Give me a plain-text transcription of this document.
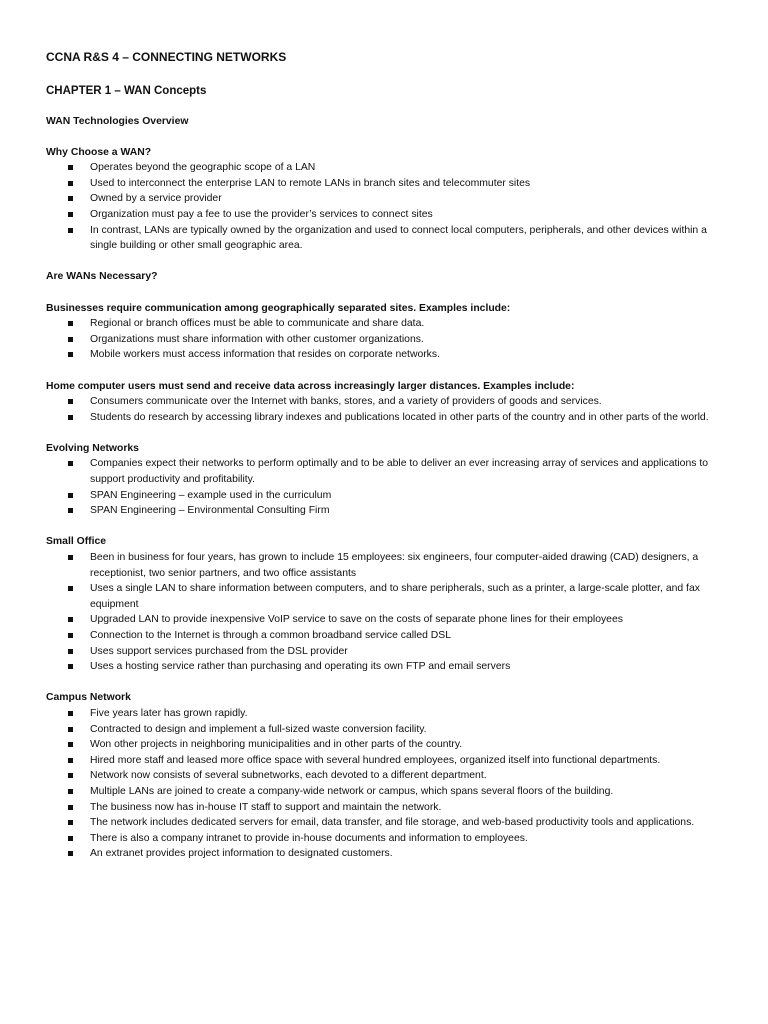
CCNA R&S 4 – CONNECTING NETWORKS
CHAPTER 1 – WAN Concepts
WAN Technologies Overview
Why Choose a WAN?
Operates beyond the geographic scope of a LAN
Used to interconnect the enterprise LAN to remote LANs in branch sites and telecommuter sites
Owned by a service provider
Organization must pay a fee to use the provider’s services to connect sites
In contrast, LANs are typically owned by the organization and used to connect local computers, peripherals, and other devices within a single building or other small geographic area.
Are WANs Necessary?
Businesses require communication among geographically separated sites. Examples include:
Regional or branch offices must be able to communicate and share data.
Organizations must share information with other customer organizations.
Mobile workers must access information that resides on corporate networks.
Home computer users must send and receive data across increasingly larger distances. Examples include:
Consumers communicate over the Internet with banks, stores, and a variety of providers of goods and services.
Students do research by accessing library indexes and publications located in other parts of the country and in other parts of the world.
Evolving Networks
Companies expect their networks to perform optimally and to be able to deliver an ever increasing array of services and applications to support productivity and profitability.
SPAN Engineering – example used in the curriculum
SPAN Engineering – Environmental Consulting Firm
Small Office
Been in business for four years, has grown to include 15 employees: six engineers, four computer-aided drawing (CAD) designers, a receptionist, two senior partners, and two office assistants
Uses a single LAN to share information between computers, and to share peripherals, such as a printer, a large-scale plotter, and fax equipment
Upgraded LAN to provide inexpensive VoIP service to save on the costs of separate phone lines for their employees
Connection to the Internet is through a common broadband service called DSL
Uses support services purchased from the DSL provider
Uses a hosting service rather than purchasing and operating its own FTP and email servers
Campus Network
Five years later has grown rapidly.
Contracted to design and implement a full-sized waste conversion facility.
Won other projects in neighboring municipalities and in other parts of the country.
Hired more staff and leased more office space with several hundred employees, organized itself into functional departments.
Network now consists of several subnetworks, each devoted to a different department.
Multiple LANs are joined to create a company-wide network or campus, which spans several floors of the building.
The business now has in-house IT staff to support and maintain the network.
The network includes dedicated servers for email, data transfer, and file storage, and web-based productivity tools and applications.
There is also a company intranet to provide in-house documents and information to employees.
An extranet provides project information to designated customers.
